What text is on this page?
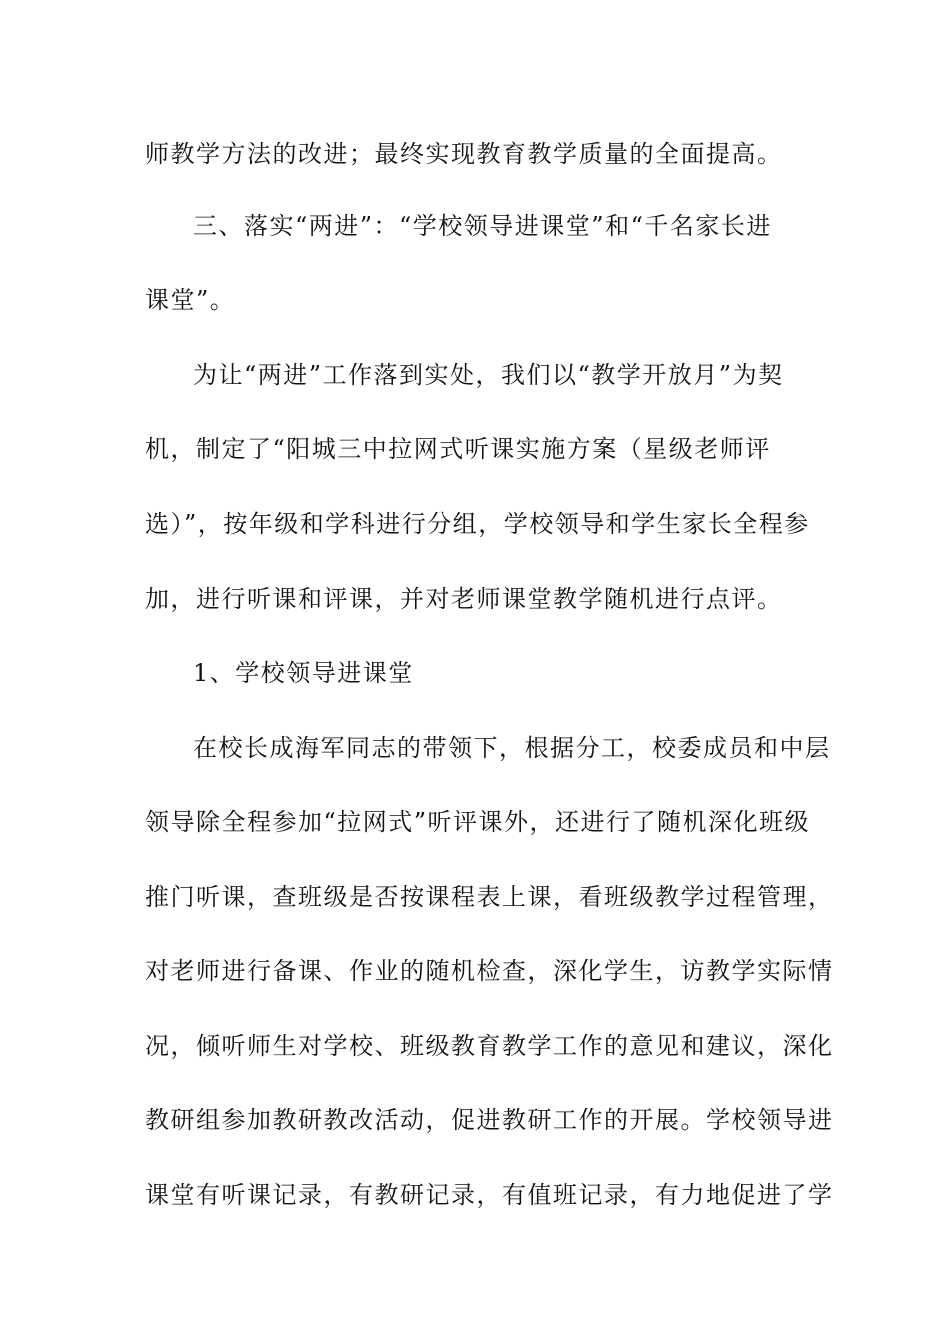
师教学方法的改进；最终实现教育教学质量的全面提高。
三、落实“两进”：“学校领导进课堂”和“千名家长进
课堂”。
为让“两进”工作落到实处，我们以“教学开放月”为契
机，制定了“阳城三中拉网式听课实施方案（星级老师评
选）”，按年级和学科进行分组，学校领导和学生家长全程参
加，进行听课和评课，并对老师课堂教学随机进行点评。
1、学校领导进课堂
在校长成海军同志的带领下，根据分工，校委成员和中层
领导除全程参加“拉网式”听评课外，还进行了随机深化班级
推门听课，查班级是否按课程表上课，看班级教学过程管理，
对老师进行备课、作业的随机检查，深化学生，访教学实际情
况，倾听师生对学校、班级教育教学工作的意见和建议，深化
教研组参加教研教改活动，促进教研工作的开展。学校领导进
课堂有听课记录，有教研记录，有值班记录，有力地促进了学
